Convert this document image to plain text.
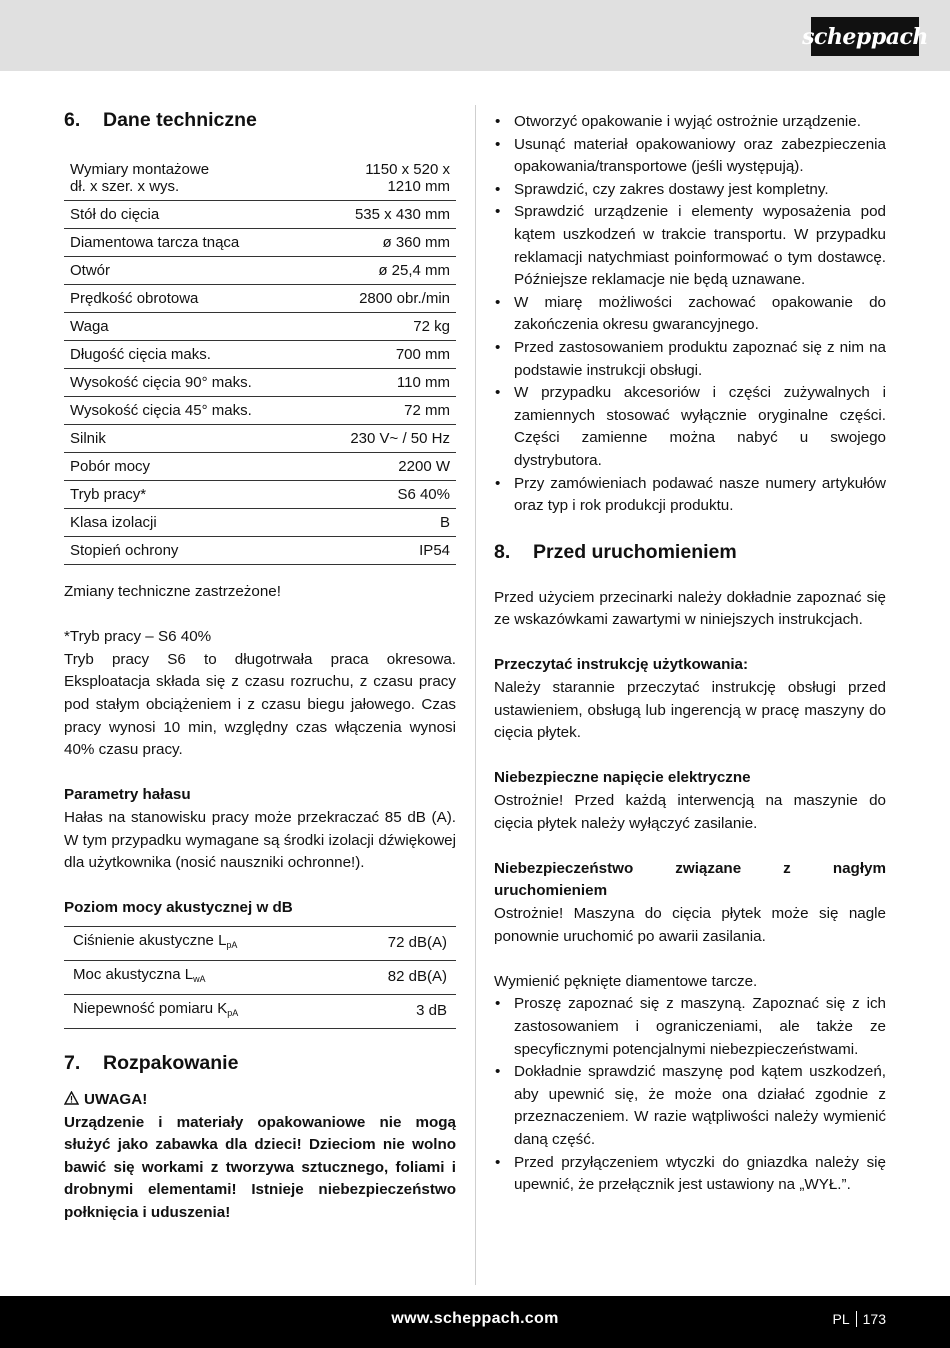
scheppach
6.	Dane techniczne
Wymiary montażowe
dł. x szer. x wys.	1150 x 520 x
1210 mm
Stół do cięcia	535 x 430 mm
Diamentowa tarcza tnąca	ø 360 mm
Otwór	ø 25,4 mm
Prędkość obrotowa	2800 obr./min
Waga	72 kg
Długość cięcia maks.	700 mm
Wysokość cięcia 90° maks.	110 mm
Wysokość cięcia 45° maks.	72 mm
Silnik	230 V~ / 50 Hz
Pobór mocy	2200 W
Tryb pracy*	S6 40%
Klasa izolacji	B
Stopień ochrony	IP54

Zmiany techniczne zastrzeżone!

*Tryb pracy – S6 40%

Tryb pracy S6 to długotrwała praca okresowa. Eksploatacja składa się z czasu rozruchu, z czasu pracy pod stałym obciążeniem i z czasu biegu jałowego. Czas pracy wynosi 10 min, względny czas włączenia wynosi 40% czasu pracy.

Parametry hałasu

Hałas na stanowisku pracy może przekraczać 85 dB (A). W tym przypadku wymagane są środki izolacji dźwiękowej dla użytkownika (nosić nauszniki ochronne!).

Poziom mocy akustycznej w dB

Ciśnienie akustyczne $L_{pA}$	72 dB(A)
Moc akustyczna $L_{wA}$	82 dB(A)
Niepewność pomiaru $K_{pA}$	3 dB
7.	Rozpakowanie

UWAGA!

Urządzenie i materiały opakowaniowe nie mogą służyć jako zabawka dla dzieci! Dzieciom nie wolno bawić się workami z tworzywa sztucznego, foliami i drobnymi elementami! Istnieje niebezpieczeństwo połknięcia i uduszenia!

• Otworzyć opakowanie i wyjąć ostrożnie urządzenie.
• Usunąć materiał opakowaniowy oraz zabezpieczenia opakowania/transportowe (jeśli występują).
• Sprawdzić, czy zakres dostawy jest kompletny.
• Sprawdzić urządzenie i elementy wyposażenia pod kątem uszkodzeń w trakcie transportu. W przypadku reklamacji natychmiast poinformować o tym dostawcę. Późniejsze reklamacje nie będą uznawane.
• W miarę możliwości zachować opakowanie do zakończenia okresu gwarancyjnego.
• Przed zastosowaniem produktu zapoznać się z nim na podstawie instrukcji obsługi.
• W przypadku akcesoriów i części zużywalnych i zamiennych stosować wyłącznie oryginalne części. Części zamienne można nabyć u swojego dystrybutora.
• Przy zamówieniach podawać nasze numery artykułów oraz typ i rok produkcji produktu.
8.	Przed uruchomieniem

Przed użyciem przecinarki należy dokładnie zapoznać się ze wskazówkami zawartymi w niniejszych instrukcjach.

Przeczytać instrukcję użytkowania:

Należy starannie przeczytać instrukcję obsługi przed ustawieniem, obsługą lub ingerencją w pracę maszyny do cięcia płytek.

Niebezpieczne napięcie elektryczne

Ostrożnie! Przed każdą interwencją na maszynie do cięcia płytek należy wyłączyć zasilanie.

Niebezpieczeństwo związane z nagłym uruchomieniem

Ostrożnie! Maszyna do cięcia płytek może się nagle ponownie uruchomić po awarii zasilania.

Wymienić pęknięte diamentowe tarcze.

• Proszę zapoznać się z maszyną. Zapoznać się z ich zastosowaniem i ograniczeniami, ale także ze specyficznymi potencjalnymi niebezpieczeństwami.
• Dokładnie sprawdzić maszynę pod kątem uszkodzeń, aby upewnić się, że może ona działać zgodnie z przeznaczeniem. W razie wątpliwości należy wymienić daną część.
• Przed przyłączeniem wtyczki do gniazdka należy się upewnić, że przełącznik jest ustawiony na „WYŁ.”.
www.scheppach.com	PL 173
